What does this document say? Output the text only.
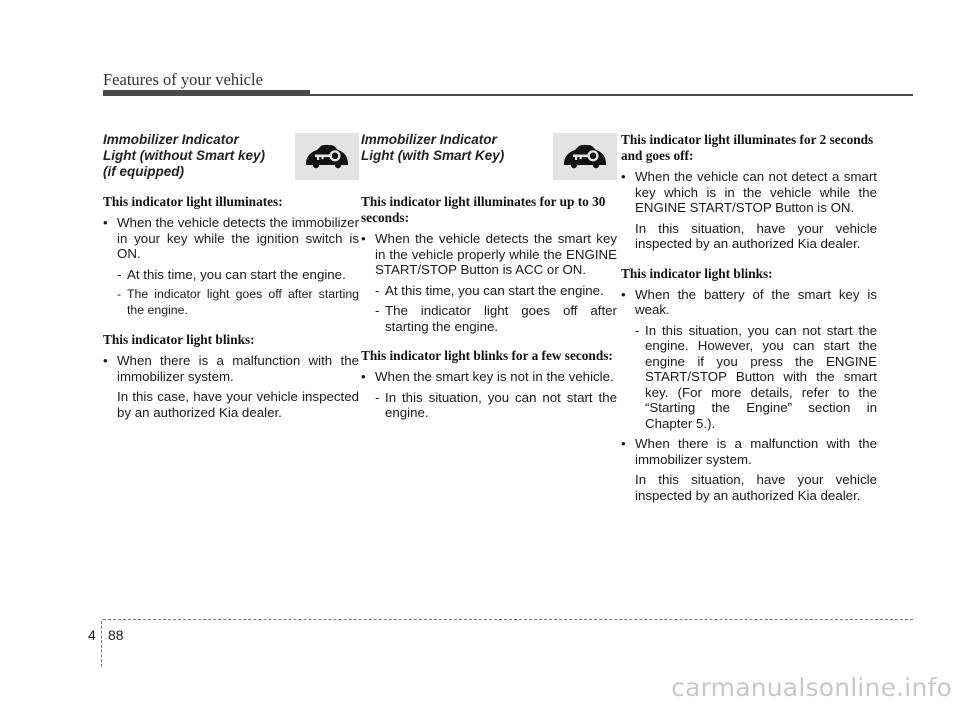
Features of your vehicle
Immobilizer Indicator
Light (without Smart key)
(if equipped)
This indicator light illuminates:
• When the vehicle detects the immobilizer in your key while the ignition switch is ON.
- At this time, you can start the engine.
- The indicator light goes off after starting the engine.
This indicator light blinks:
• When there is a malfunction with the immobilizer system.
In this case, have your vehicle inspected by an authorized Kia dealer.
Immobilizer Indicator
Light (with Smart Key)
This indicator light illuminates for up to 30 seconds:
• When the vehicle detects the smart key in the vehicle properly while the ENGINE START/STOP Button is ACC or ON.
- At this time, you can start the engine.
- The indicator light goes off after starting the engine.
This indicator light blinks for a few seconds:
• When the smart key is not in the vehicle.
- In this situation, you can not start the engine.
This indicator light illuminates for 2 seconds and goes off:
• When the vehicle can not detect a smart key which is in the vehicle while the ENGINE START/STOP Button is ON.
In this situation, have your vehicle inspected by an authorized Kia dealer.
This indicator light blinks:
• When the battery of the smart key is weak.
- In this situation, you can not start the engine. However, you can start the engine if you press the ENGINE START/STOP Button with the smart key. (For more details, refer to the “Starting the Engine” section in Chapter 5.).
• When there is a malfunction with the immobilizer system.
In this situation, have your vehicle inspected by an authorized Kia dealer.
4 88
carmanualsonline.info
